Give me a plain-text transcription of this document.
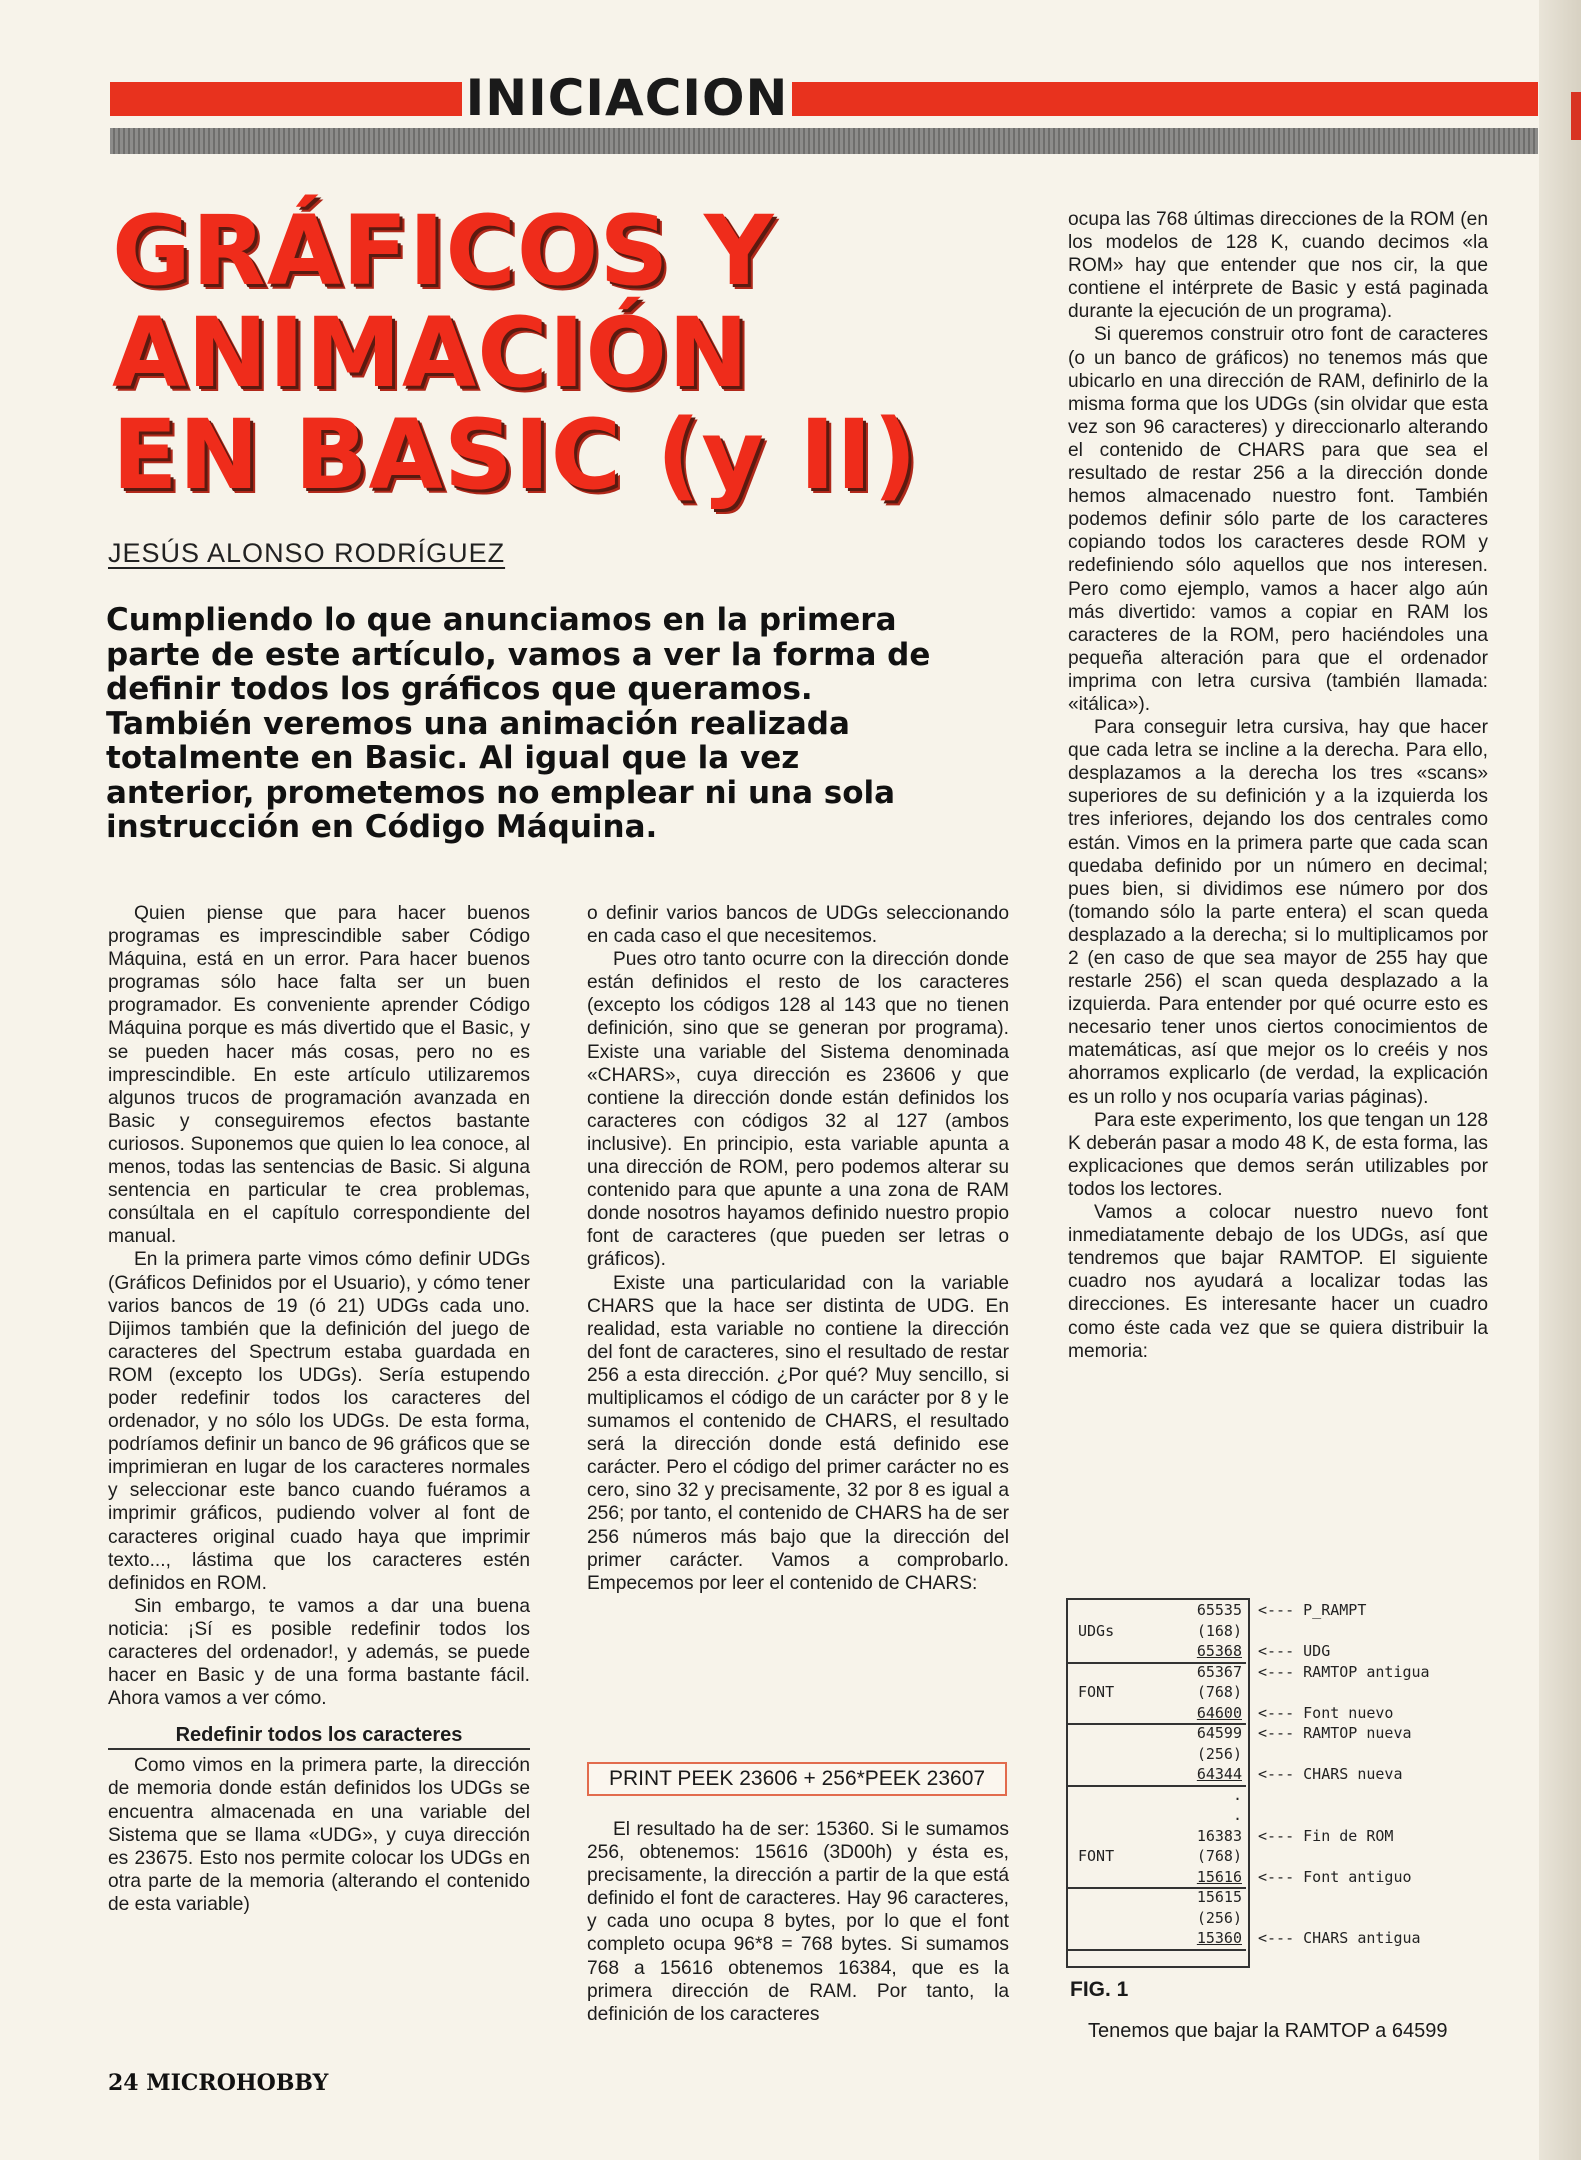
INICIACION
GRÁFICOS Y
ANIMACIÓN
EN BASIC (y II)
JESÚS ALONSO RODRÍGUEZ
Cumpliendo lo que anunciamos en la primera parte de este artículo, vamos a ver la forma de definir todos los gráficos que queramos. También veremos una animación realizada totalmente en Basic. Al igual que la vez anterior, prometemos no emplear ni una sola instrucción en Código Máquina.

Quien piense que para hacer buenos programas es imprescindible saber Código Máquina, está en un error. Para hacer buenos programas sólo hace falta ser un buen programador. Es conveniente aprender Código Máquina porque es más divertido que el Basic, y se pueden hacer más cosas, pero no es imprescindible. En este artículo utilizaremos algunos trucos de programación avanzada en Basic y conseguiremos efectos bastante curiosos. Suponemos que quien lo lea conoce, al menos, todas las sentencias de Basic. Si alguna sentencia en particular te crea problemas, consúltala en el capítulo correspondiente del manual.

En la primera parte vimos cómo definir UDGs (Gráficos Definidos por el Usuario), y cómo tener varios bancos de 19 (ó 21) UDGs cada uno. Dijimos también que la definición del juego de caracteres del Spectrum estaba guardada en ROM (excepto los UDGs). Sería estupendo poder redefinir todos los caracteres del ordenador, y no sólo los UDGs. De esta forma, podríamos definir un banco de 96 gráficos que se imprimieran en lugar de los caracteres normales y seleccionar este banco cuando fuéramos a imprimir gráficos, pudiendo volver al font de caracteres original cuado haya que imprimir texto..., lástima que los caracteres estén definidos en ROM.

Sin embargo, te vamos a dar una buena noticia: ¡Sí es posible redefinir todos los caracteres del ordenador!, y además, se puede hacer en Basic y de una forma bastante fácil. Ahora vamos a ver cómo.

Redefinir todos los caracteres

Como vimos en la primera parte, la dirección de memoria donde están definidos los UDGs se encuentra almacenada en una variable del Sistema que se llama «UDG», y cuya dirección es 23675. Esto nos permite colocar los UDGs en otra parte de la memoria (alterando el contenido de esta variable)

o definir varios bancos de UDGs seleccionando en cada caso el que necesitemos.

Pues otro tanto ocurre con la dirección donde están definidos el resto de los caracteres (excepto los códigos 128 al 143 que no tienen definición, sino que se generan por programa). Existe una variable del Sistema denominada «CHARS», cuya dirección es 23606 y que contiene la dirección donde están definidos los caracteres con códigos 32 al 127 (ambos inclusive). En principio, esta variable apunta a una dirección de ROM, pero podemos alterar su contenido para que apunte a una zona de RAM donde nosotros hayamos definido nuestro propio font de caracteres (que pueden ser letras o gráficos).

Existe una particularidad con la variable CHARS que la hace ser distinta de UDG. En realidad, esta variable no contiene la dirección del font de caracteres, sino el resultado de restar 256 a esta dirección. ¿Por qué? Muy sencillo, si multiplicamos el código de un carácter por 8 y le sumamos el contenido de CHARS, el resultado será la dirección donde está definido ese carácter. Pero el código del primer carácter no es cero, sino 32 y precisamente, 32 por 8 es igual a 256; por tanto, el contenido de CHARS ha de ser 256 números más bajo que la dirección del primer carácter. Vamos a comprobarlo. Empecemos por leer el contenido de CHARS:

PRINT PEEK 23606 + 256*PEEK 23607

El resultado ha de ser: 15360. Si le sumamos 256, obtenemos: 15616 (3D00h) y ésta es, precisamente, la dirección a partir de la que está definido el font de caracteres. Hay 96 caracteres, y cada uno ocupa 8 bytes, por lo que el font completo ocupa 96*8 = 768 bytes. Si sumamos 768 a 15616 obtenemos 16384, que es la primera dirección de RAM. Por tanto, la definición de los caracteres

ocupa las 768 últimas direcciones de la ROM (en los modelos de 128 K, cuando decimos «la ROM» hay que entender que nos cir, la que contiene el intérprete de Basic y está paginada durante la ejecución de un programa).

Si queremos construir otro font de caracteres (o un banco de gráficos) no tenemos más que ubicarlo en una dirección de RAM, definirlo de la misma forma que los UDGs (sin olvidar que esta vez son 96 caracteres) y direccionarlo alterando el contenido de CHARS para que sea el resultado de restar 256 a la dirección donde hemos almacenado nuestro font. También podemos definir sólo parte de los caracteres copiando todos los caracteres desde ROM y redefiniendo sólo aquellos que nos interesen. Pero como ejemplo, vamos a hacer algo aún más divertido: vamos a copiar en RAM los caracteres de la ROM, pero haciéndoles una pequeña alteración para que el ordenador imprima con letra cursiva (también llamada: «itálica»).

Para conseguir letra cursiva, hay que hacer que cada letra se incline a la derecha. Para ello, desplazamos a la derecha los tres «scans» superiores de su definición y a la izquierda los tres inferiores, dejando los dos centrales como están. Vimos en la primera parte que cada scan quedaba definido por un número en decimal; pues bien, si dividimos ese número por dos (tomando sólo la parte entera) el scan queda desplazado a la derecha; si lo multiplicamos por 2 (en caso de que sea mayor de 255 hay que restarle 256) el scan queda desplazado a la izquierda. Para entender por qué ocurre esto es necesario tener unos ciertos conocimientos de matemáticas, así que mejor os lo creéis y nos ahorramos explicarlo (de verdad, la explicación es un rollo y nos ocuparía varias páginas).

Para este experimento, los que tengan un 128 K deberán pasar a modo 48 K, de esta forma, las explicaciones que demos serán utilizables por todos los lectores.

Vamos a colocar nuestro nuevo font inmediatamente debajo de los UDGs, así que tendremos que bajar RAMTOP. El siguiente cuadro nos ayudará a localizar todas las direcciones. Es interesante hacer un cuadro como éste cada vez que se quiera distribuir la memoria:

65535 <--- P_RAMPT
UDGs	(168)
65368 <--- UDG
65367 <--- RAMTOP antigua
FONT	(768)
64600 <--- Font nuevo
64599 <--- RAMTOP nueva
(256)
64344 <--- CHARS nueva
.
.
16383 <--- Fin de ROM
FONT	(768)
15616 <--- Font antiguo
15615
(256)
15360 <--- CHARS antigua
FIG. 1
Tenemos que bajar la RAMTOP a 64599
24 MICROHOBBY
